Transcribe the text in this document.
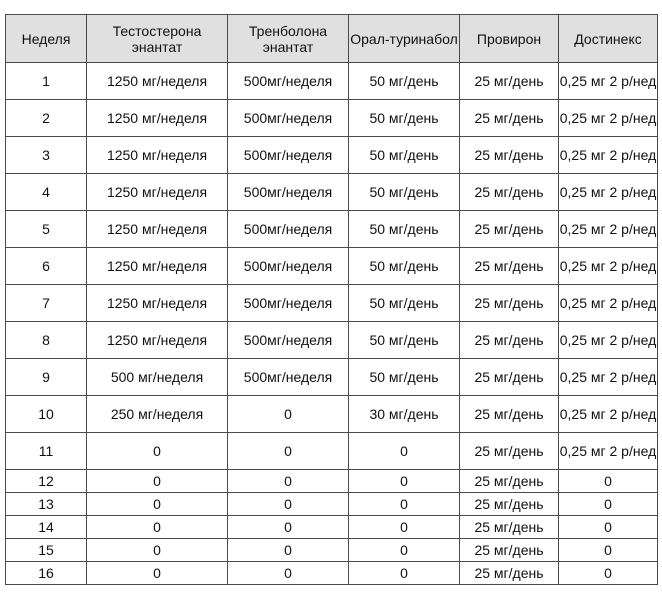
Неделя	Тестостерона энантат	Тренболона энантат	Орал-туринабол	Провирон	Достинекс
1	1250 мг/неделя	500мг/неделя	50 мг/день	25 мг/день	0,25 мг 2 р/нед
2	1250 мг/неделя	500мг/неделя	50 мг/день	25 мг/день	0,25 мг 2 р/нед
3	1250 мг/неделя	500мг/неделя	50 мг/день	25 мг/день	0,25 мг 2 р/нед
4	1250 мг/неделя	500мг/неделя	50 мг/день	25 мг/день	0,25 мг 2 р/нед
5	1250 мг/неделя	500мг/неделя	50 мг/день	25 мг/день	0,25 мг 2 р/нед
6	1250 мг/неделя	500мг/неделя	50 мг/день	25 мг/день	0,25 мг 2 р/нед
7	1250 мг/неделя	500мг/неделя	50 мг/день	25 мг/день	0,25 мг 2 р/нед
8	1250 мг/неделя	500мг/неделя	50 мг/день	25 мг/день	0,25 мг 2 р/нед
9	500 мг/неделя	500мг/неделя	50 мг/день	25 мг/день	0,25 мг 2 р/нед
10	250 мг/неделя	0	30 мг/день	25 мг/день	0,25 мг 2 р/нед
11	0	0	0	25 мг/день	0,25 мг 2 р/нед
12	0	0	0	25 мг/день	0
13	0	0	0	25 мг/день	0
14	0	0	0	25 мг/день	0
15	0	0	0	25 мг/день	0
16	0	0	0	25 мг/день	0
